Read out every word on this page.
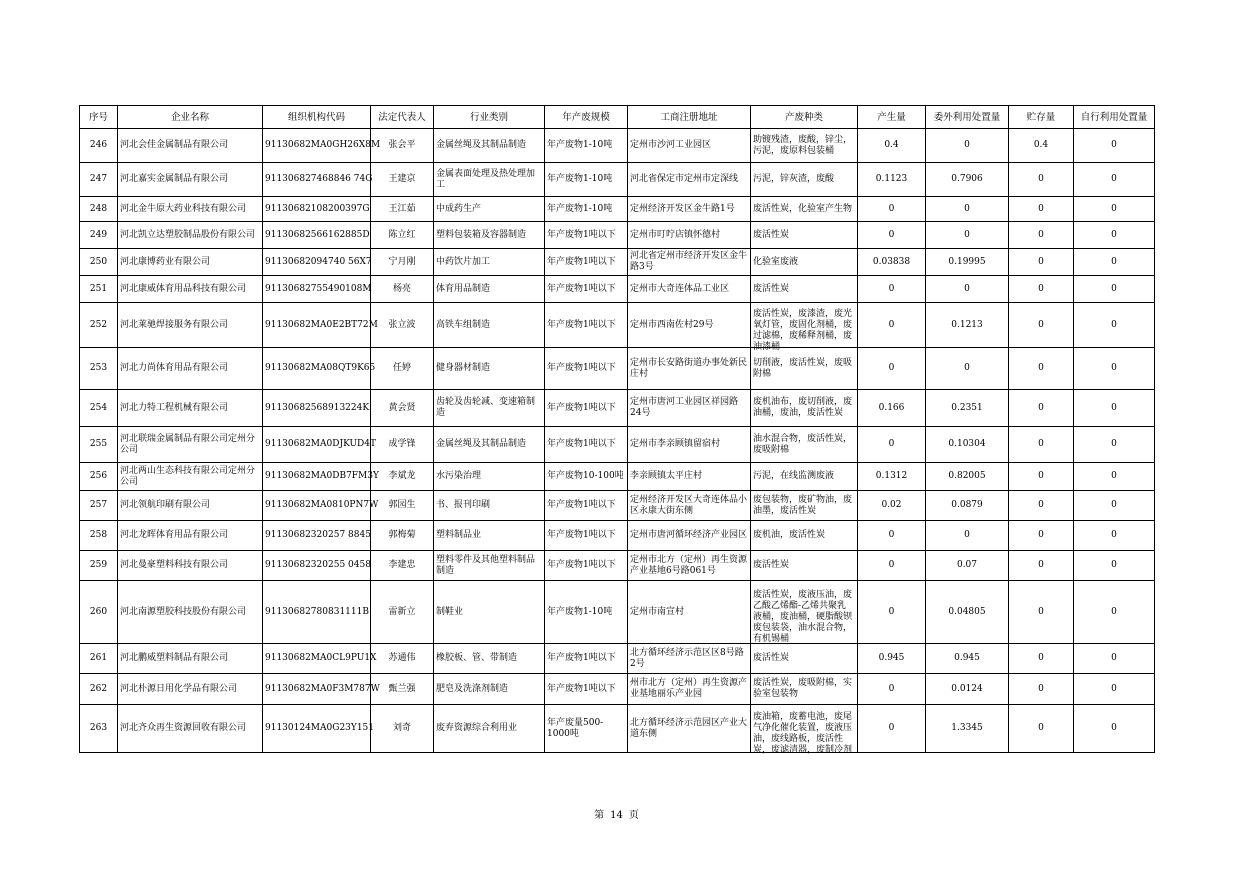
序号	企业名称	组织机构代码	法定代表人	行业类别	年产废规模	工商注册地址	产废种类	产生量	委外利用处置量	贮存量	自行利用处置量

246	河北会佳金属制品有限公司	91130682MA0GH26X8M	张会平	金属丝绳及其制品制造	年产废物1-10吨	定州市沙河工业园区	助镀残渣，废酸，锌尘，污泥，废原料包装桶	0.4	0	0.4	0

247	河北嘉实金属制品有限公司	911306827468846 74G	王建京	金属表面处理及热处理加工	年产废物1-10吨	河北省保定市定州市定深线	污泥，锌灰渣，废酸	0.1123	0.7906	0	0

248	河北金牛原大药业科技有限公司	91130682108200397G	王江茹	中成药生产	年产废物1-10吨	定州经济开发区金牛路1号	废活性炭，化验室产生物	0	0	0	0

249	河北凯立达塑胶制品股份有限公司	91130682566162885D	陈立红	塑料包装箱及容器制造	年产废物1吨以下	定州市叮咛店镇怀德村	废活性炭	0	0	0	0

250	河北康博药业有限公司	91130682094740 56X7	宁月刚	中药饮片加工	年产废物1吨以下	河北省定州市经济开发区金牛路3号	化验室废液	0.03838	0.19995	0	0

251	河北康威体育用品科技有限公司	91130682755490108M	杨亮	体育用品制造	年产废物1吨以下	定州市大奇连体品工业区	废活性炭	0	0	0	0

252	河北莱驰焊接服务有限公司	91130682MA0E2BT72M	张立波	高铁车组制造	年产废物1吨以下	定州市西南佐村29号	废活性炭，废漆渣，废光氧灯管，废固化剂桶，废过滤棉，废稀释剂桶，废油漆桶	0	0.1213	0	0

253	河北力尚体育用品有限公司	91130682MA08QT9K65	任婷	健身器材制造	年产废物1吨以下	定州市长安路街道办事处新民庄村	切削液，废活性炭，废吸附棉	0	0	0	0

254	河北力特工程机械有限公司	91130682568913224K	黄会贤	齿轮及齿轮减、变速箱制造	年产废物1吨以下	定州市唐河工业园区祥园路24号	废机油布，废切削液，废油桶，废油，废活性炭	0.166	0.2351	0	0

255	河北联瑞金属制品有限公司定州分公司	91130682MA0DJKUD4T	成学锋	金属丝绳及其制品制造	年产废物1吨以下	定州市李亲顾镇留宿村	油水混合物，废活性炭，废吸附棉	0	0.10304	0	0

256	河北两山生态科技有限公司定州分公司	91130682MA0DB7FM3Y	李斌龙	水污染治理	年产废物10-100吨	李亲顾镇太平庄村	污泥，在线监测废液	0.1312	0.82005	0	0

257	河北领航印刷有限公司	91130682MA0810PN7W	郭园生	书、报刊印刷	年产废物1吨以下	定州经济开发区大奇连体品小区永康大街东侧	废包装物，废矿物油，废油墨，废活性炭	0.02	0.0879	0	0

258	河北龙晖体育用品有限公司	91130682320257 8845	郭梅菊	塑料制品业	年产废物1吨以下	定州市唐河循环经济产业园区	废机油，废活性炭	0	0	0	0

259	河北曼豪塑料科技有限公司	91130682320255 0458	李建忠	塑料零件及其他塑料制品制造	年产废物1吨以下	定州市北方（定州）再生资源产业基地6号路061号	废活性炭	0	0.07	0	0

260	河北南源塑胶科技股份有限公司	91130682780831111B	雷新立	制鞋业	年产废物1-10吨	定州市南宣村	废活性炭，废液压油，废乙酸乙烯酯-乙烯共聚乳液桶，废油桶，硬脂酸钡废包装袋，油水混合物，有机锡桶	0	0.04805	0	0

261	河北鹏威塑料制品有限公司	91130682MA0CL9PU1X	苏通伟	橡胶板、管、带制造	年产废物1吨以下	北方循环经济示范区区8号路2号	废活性炭	0.945	0.945	0	0

262	河北朴源日用化学品有限公司	91130682MA0F3M787W	甄兰强	肥皂及洗涤剂制造	年产废物1吨以下	州市北方（定州）再生资源产业基地丽乐产业园	废活性炭，废吸附棉，实验室包装物	0	0.0124	0	0

263	河北齐众再生资源回收有限公司	91130124MA0G23Y151	刘奇	废弃资源综合利用业	年产废量500-1000吨	北方循环经济示范园区产业大道东侧	废油箱，废蓄电池，废尾气净化催化装置，废液压油，废线路板，废活性炭，废滤清器，废制冷剂	0	1.3345	0	0
第 14 页
